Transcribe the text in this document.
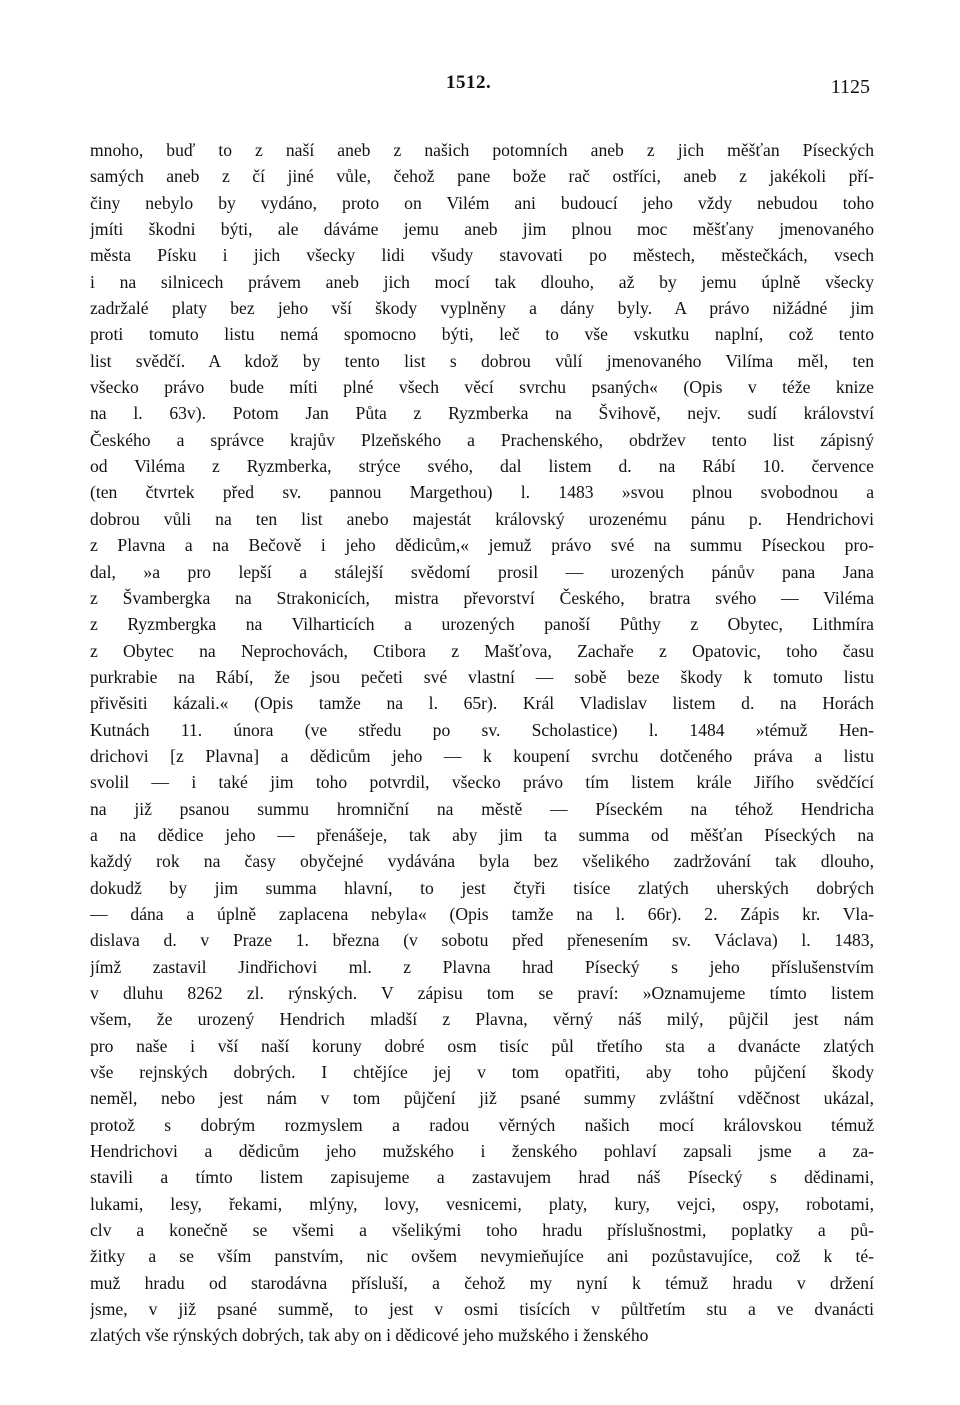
1512.	1125
mnoho, buď to z naší aneb z našich potomních aneb z jich měšťan Píseckých
samých aneb z čí jiné vůle, čehož pane bože rač ostříci, aneb z jakékoli pří-
činy nebylo by vydáno, proto on Vilém ani budoucí jeho vždy nebudou toho
jmíti škodni býti, ale dáváme jemu aneb jim plnou moc měšťany jmenovaného
města Písku i jich všecky lidi všudy stavovati po městech, městečkách, vsech
i na silnicech právem aneb jich mocí tak dlouho, až by jemu úplně všecky
zadržalé platy bez jeho vší škody vyplněny a dány byly. A právo nižádné jim
proti tomuto listu nemá spomocno býti, leč to vše vskutku naplní, což tento
list svědčí. A kdož by tento list s dobrou vůlí jmenovaného Vilíma měl, ten
všecko právo bude míti plné všech věcí svrchu psaných« (Opis v téže knize
na l. 63v). Potom Jan Půta z Ryzmberka na Švihově, nejv. sudí království
Českého a správce krajův Plzeňského a Prachenského, obdržev tento list zápisný
od Viléma z Ryzmberka, strýce svého, dal listem d. na Rábí 10. července
(ten čtvrtek před sv. pannou Margethou) l. 1483 »svou plnou svobodnou a
dobrou vůli na ten list anebo majestát královský urozenému pánu p. Hendrichovi
z Plavna a na Bečově i jeho dědicům,« jemuž právo své na summu Píseckou pro-
dal, »a pro lepší a stálejší svědomí prosil — urozených pánův pana Jana
z Švambergka na Strakonicích, mistra převorství Českého, bratra svého — Viléma
z Ryzmbergka na Vilharticích a urozených panoší Půthy z Obytec, Lithmíra
z Obytec na Neprochovách, Ctibora z Mašťova, Zachaře z Opatovic, toho času
purkrabie na Rábí, že jsou pečeti své vlastní — sobě beze škody k tomuto listu
přivěsiti kázali.« (Opis tamže na l. 65r). Král Vladislav listem d. na Horách
Kutnách 11. února (ve středu po sv. Scholastice) l. 1484 »témuž Hen-
drichovi [z Plavna] a dědicům jeho — k koupení svrchu dotčeného práva a listu
svolil — i také jim toho potvrdil, všecko právo tím listem krále Jiřího svědčící
na již psanou summu hromniční na městě — Píseckém na téhož Hendricha
a na dědice jeho — přenášeje, tak aby jim ta summa od měšťan Píseckých na
každý rok na časy obyčejné vydávána byla bez všelikého zadržování tak dlouho,
dokudž by jim summa hlavní, to jest čtyři tisíce zlatých uherských dobrých
— dána a úplně zaplacena nebyla« (Opis tamže na l. 66r). 2. Zápis kr. Vla-
dislava d. v Praze 1. března (v sobotu před přenesením sv. Václava) l. 1483,
jímž zastavil Jindřichovi ml. z Plavna hrad Písecký s jeho příslušenstvím
v dluhu 8262 zl. rýnských. V zápisu tom se praví: »Oznamujeme tímto listem
všem, že urozený Hendrich mladší z Plavna, věrný náš milý, půjčil jest nám
pro naše i vší naší koruny dobré osm tisíc půl třetího sta a dvanácte zlatých
vše rejnských dobrých. I chtějíce jej v tom opatřiti, aby toho půjčení škody
neměl, nebo jest nám v tom půjčení již psané summy zvláštní vděčnost ukázal,
protož s dobrým rozmyslem a radou věrných našich mocí královskou témuž
Hendrichovi a dědicům jeho mužského i ženského pohlaví zapsali jsme a za-
stavili a tímto listem zapisujeme a zastavujem hrad náš Písecký s dědinami,
lukami, lesy, řekami, mlýny, lovy, vesnicemi, platy, kury, vejci, ospy, robotami,
clv a konečně se všemi a všelikými toho hradu příslušnostmi, poplatky a pů-
žitky a se vším panstvím, nic ovšem nevymieňujíce ani pozůstavujíce, což k té-
muž hradu od starodávna přísluší, a čehož my nyní k témuž hradu v držení
jsme, v již psané summě, to jest v osmi tisících v půltřetím stu a ve dvanácti
zlatých vše rýnských dobrých, tak aby on i dědicové jeho mužského i ženského
